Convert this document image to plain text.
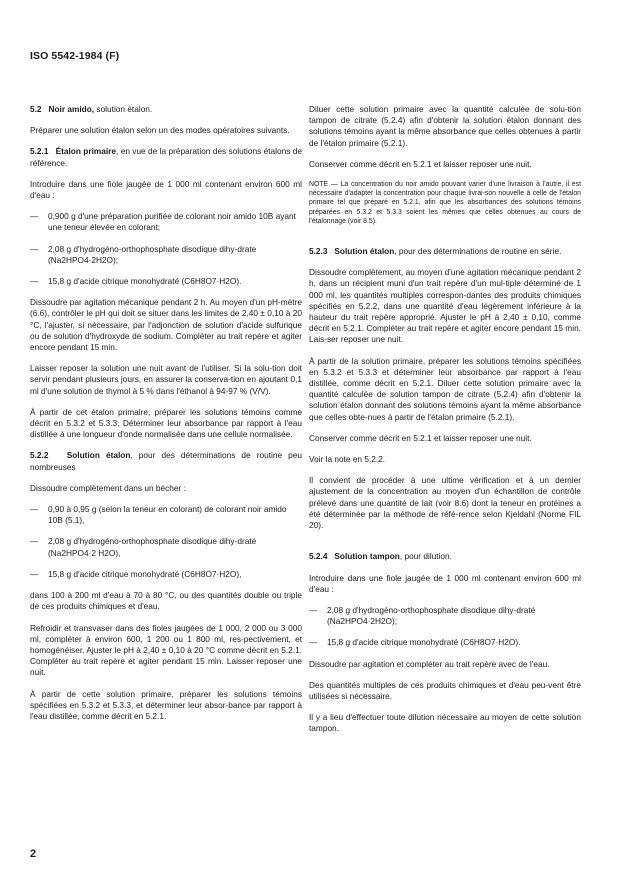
ISO 5542-1984 (F)
5.2 Noir amido, solution étalon.

Préparer une solution étalon selon un des modes opératoires suivants.

5.2.1 Étalon primaire, en vue de la préparation des solutions étalons de référence.

Introduire dans une fiole jaugée de 1 000 ml contenant environ 600 ml d'eau :

— 0,900 g d'une préparation purifiée de colorant noir amido 10B ayant une teneur élevée en colorant;
— 2,08 g d'hydrogéno-orthophosphate disodique dihy-drate (Na2HPO4·2H2O);
— 15,8 g d'acide citrique monohydraté (C6H8O7·H2O).

Dissoudre par agitation mécanique pendant 2 h. Au moyen d'un pH-mètre (6.6), contrôler le pH qui doit se situer dans les limites de 2,40 ± 0,10 à 20 °C, l'ajuster, si nécessaire, par l'adjonction de solution d'acide sulfurique ou de solution d'hydroxyde de sodium. Compléter au trait repère et agiter encore pendant 15 min.

Laisser reposer la solution une nuit avant de l'utiliser. Si la solu-tion doit servir pendant plusieurs jours, en assurer la conserva-tion en ajoutant 0,1 ml d'une solution de thymol à 5 % dans l'éthanol à 94-97 % (V/V).

À partir de cet étalon primaire, préparer les solutions témoins comme décrit en 5.3.2 et 5.3.3. Déterminer leur absorbance par rapport à l'eau distillée à une longueur d'onde normalisée dans une cellule normalisée.

5.2.2 Solution étalon, pour des déterminations de routine peu nombreuses

Dissoudre complètement dans un bécher :

— 0,90 à 0,95 g (selon la teneur en colorant) de colorant noir amido 10B (5.1),
— 2,08 g d'hydrogéno-orthophosphate disodique dihy-draté (Na2HPO4·2 H2O),
— 15,8 g d'acide citrique monohydraté (C6H8O7·H2O),

dans 100 à 200 ml d'eau à 70 à 80 °C, ou des quantités double ou triple de ces produits chimiques et d'eau.

Refroidir et transvaser dans des fioles jaugées de 1 000, 2 000 ou 3 000 ml, compléter à environ 600, 1 200 ou 1 800 ml, res-pectivement, et homogénéiser. Ajuster le pH à 2,40 ± 0,10 à 20 °C comme décrit en 5.2.1. Compléter au trait repère et agiter pendant 15 min. Laisser reposer une nuit.

À partir de cette solution primaire, préparer les solutions témoins spécifiées en 5.3.2 et 5.3.3, et déterminer leur absor-bance par rapport à l'eau distillée, comme décrit en 5.2.1.

Diluer cette solution primaire avec la quantité calculée de solu-tion tampon de citrate (5.2.4) afin d'obtenir la solution étalon donnant des solutions témoins ayant la même absorbance que celles obtenues à partir de l'étalon primaire (5.2.1).

Conserver comme décrit en 5.2.1 et laisser reposer une nuit.

NOTE — La concentration du noir amido pouvant varier d'une livraison à l'autre, il est nécessaire d'adapter la concentration pour chaque livrai-son nouvelle à celle de l'étalon primaire tel que préparé en 5.2.1, afin que les absorbances des solutions témoins préparées en 5.3.2 et 5.3.3 soient les mêmes que celles obtenues au cours de l'étalonnage (voir 8.5).

5.2.3 Solution étalon, pour des déterminations de routine en série.

Dissoudre complètement, au moyen d'une agitation mécanique pendant 2 h, dans un récipient muni d'un trait repère d'un mul-tiple déterminé de 1 000 ml, les quantités multiples correspon-dantes des produits chimiques spécifiés en 5.2.2, dans une quantité d'eau légèrement inférieure à la hauteur du trait repère approprié. Ajuster le pH à 2,40 ± 0,10, comme décrit en 5.2.1. Compléter au trait repère et agiter encore pendant 15 min. Lais-ser reposer une nuit.

À partir de la solution primaire, préparer les solutions témoins spécifiées en 5.3.2 et 5.3.3 et déterminer leur absorbance par rapport à l'eau distillée, comme décrit en 5.2.1. Diluer cette solution primaire avec la quantité calculée de solution tampon de citrate (5.2.4) afin d'obtenir la solution étalon donnant des solutions témoins ayant la même absorbance que celles obte-nues à partir de l'étalon primaire (5.2.1).

Conserver comme décrit en 5.2.1 et laisser reposer une nuit.

Voir la note en 5.2.2.

Il convient de procéder à une ultime vérification et à un dernier ajustement de la concentration au moyen d'un échantillon de contrôle prélevé dans une quantité de lait (voir 8.6) dont la teneur en protéines a été déterminée par la méthode de réfé-rence selon Kjeldahl (Norme FIL 20).

5.2.4 Solution tampon, pour dilution.

Introduire dans une fiole jaugée de 1 000 ml contenant environ 600 ml d'eau :

— 2,08 g d'hydrogéno-orthophosphate disodique dihy-draté (Na2HPO4·2H2O);
— 15,8 g d'acide citrique monohydraté (C6H8O7·H2O).

Dissoudre par agitation et compléter au trait repère avec de l'eau.

Des quantités multiples de ces produits chimiques et d'eau peu-vent être utilisées si nécessaire.

Il y a lieu d'effectuer toute dilution nécessaire au moyen de cette solution tampon.

2
